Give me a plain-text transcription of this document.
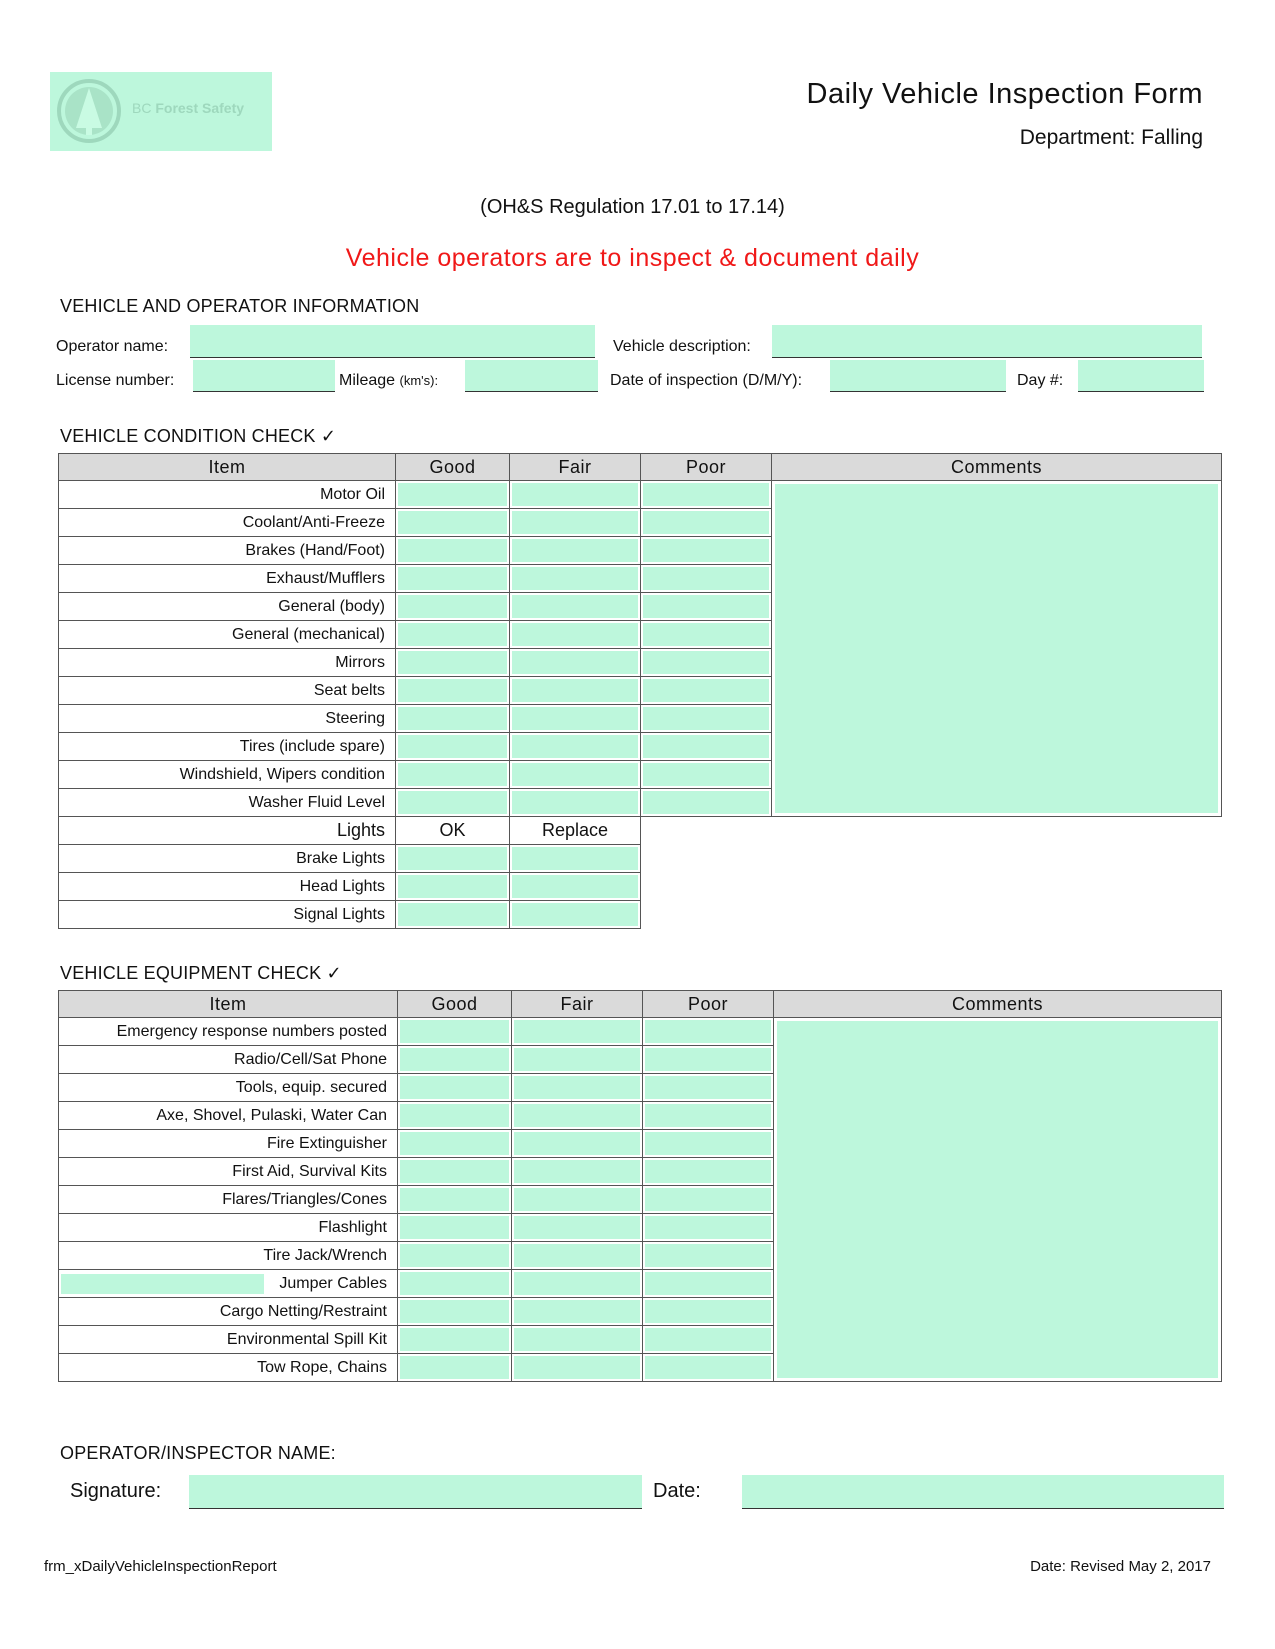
BC Forest Safety	Daily Vehicle Inspection Form
Department: Falling
(OH&S Regulation 17.01 to 17.14)
Vehicle operators are to inspect & document daily
VEHICLE AND OPERATOR INFORMATION
Operator name:	Vehicle description:
License number:	Mileage (km's):	Date of inspection (D/M/Y):	Day #:
VEHICLE CONDITION CHECK ✓
Item	Good	Fair	Poor	Comments
Motor Oil				
Coolant/Anti-Freeze				
Brakes (Hand/Foot)				
Exhaust/Mufflers				
General (body)				
General (mechanical)				
Mirrors				
Seat belts				
Steering				
Tires (include spare)				
Windshield, Wipers condition				
Washer Fluid Level				
Lights	OK	Replace		
Brake Lights				
Head Lights				
Signal Lights				
VEHICLE EQUIPMENT CHECK ✓
Item	Good	Fair	Poor	Comments
Emergency response numbers posted				
Radio/Cell/Sat Phone				
Tools, equip. secured				
Axe, Shovel, Pulaski, Water Can				
Fire Extinguisher				
First Aid, Survival Kits				
Flares/Triangles/Cones				
Flashlight				
Tire Jack/Wrench				

Jumper Cables				
Cargo Netting/Restraint				
Environmental Spill Kit				
Tow Rope, Chains				
OPERATOR/INSPECTOR NAME:
Signature:	Date:
frm_xDailyVehicleInspectionReport	Date: Revised May 2, 2017
